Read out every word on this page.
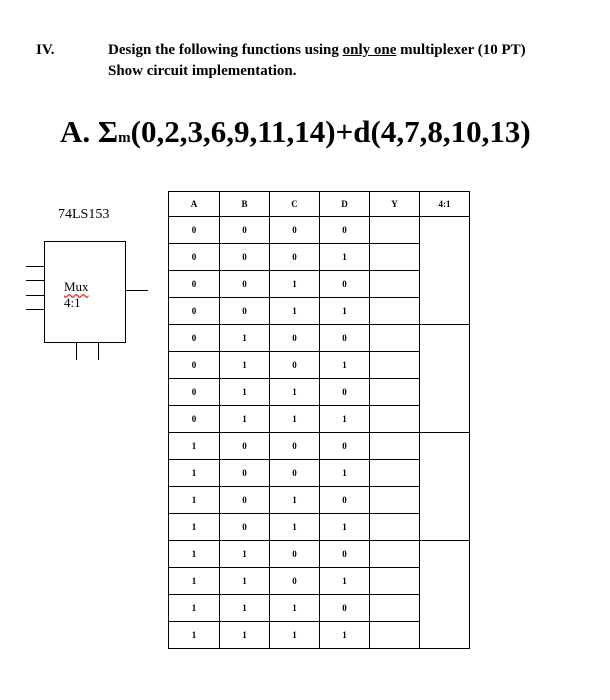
IV.	Design the following functions using only one multiplexer (10 PT)
Show circuit implementation.
A. Σm(0,2,3,6,9,11,14)+d(4,7,8,10,13)
74LS153
Mux
4:1
A	B	C	D	Y	4:1
0	0	0	0		
0	0	0	1		
0	0	1	0		
0	0	1	1		
0	1	0	0		
0	1	0	1		
0	1	1	0		
0	1	1	1		
1	0	0	0		
1	0	0	1		
1	0	1	0		
1	0	1	1		
1	1	0	0		
1	1	0	1		
1	1	1	0		
1	1	1	1		
